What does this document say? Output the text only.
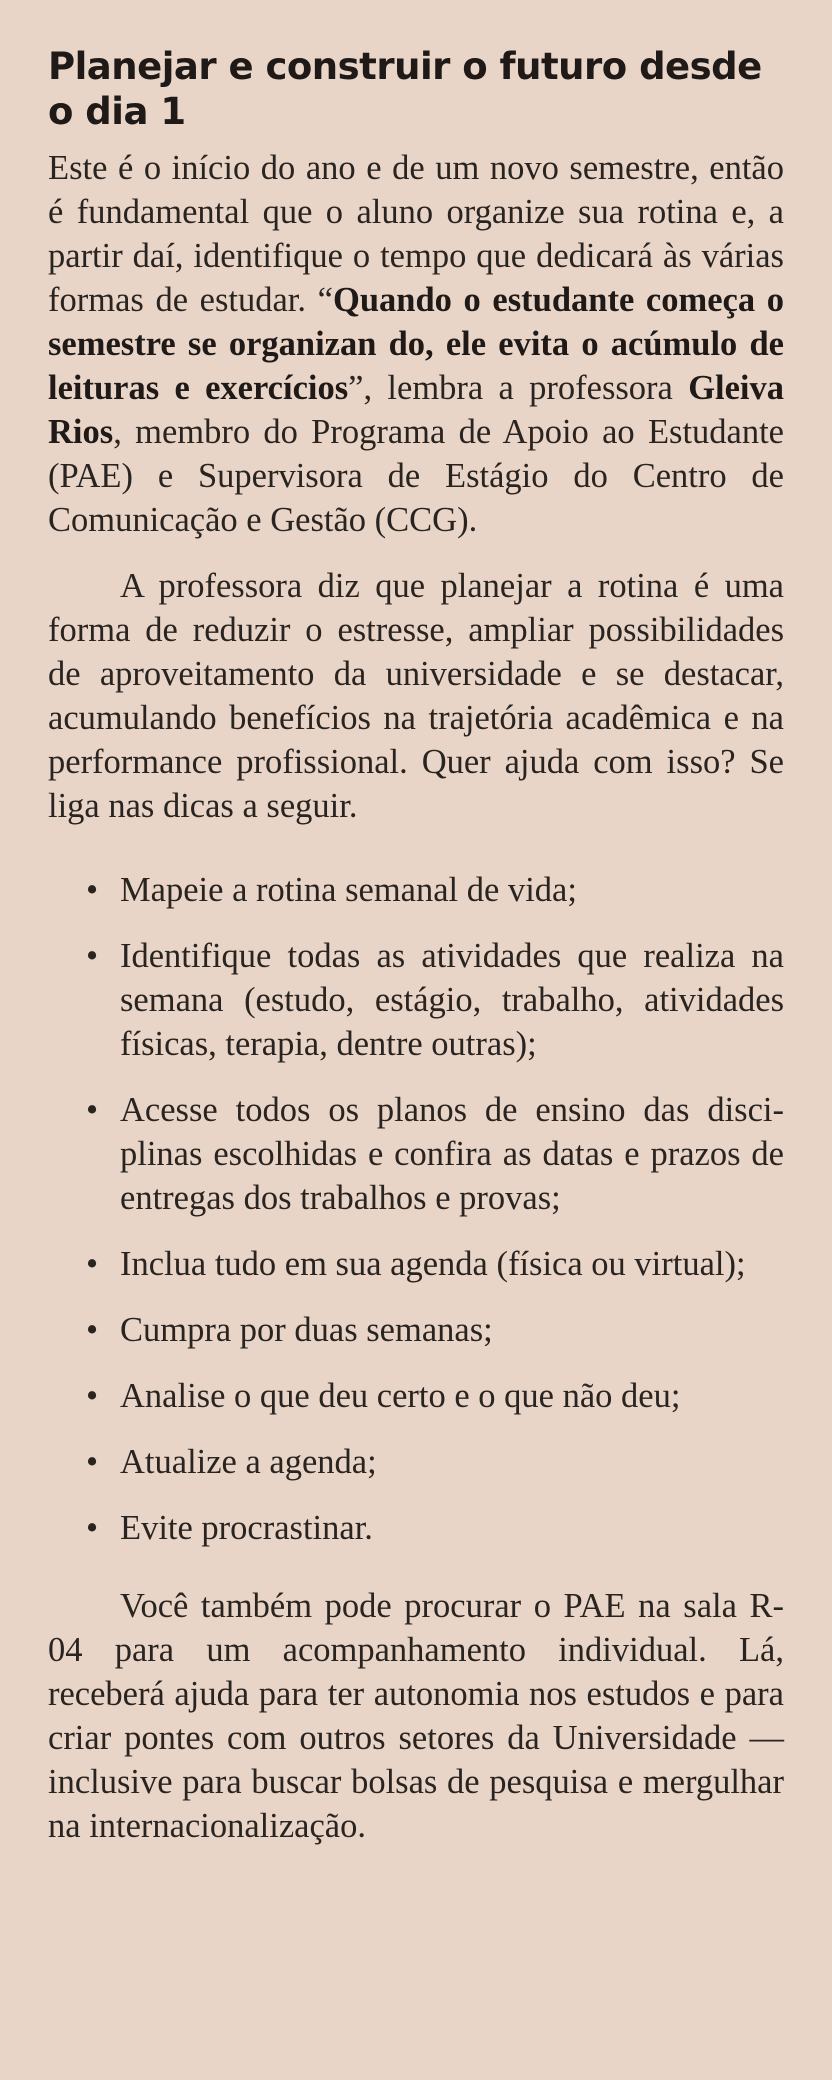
Planejar e construir o futuro desde o dia 1

Este é o início do ano e de um novo semestre, então é fundamental que o aluno organize sua rotina e, a partir daí, identifique o tempo que dedicará às várias formas de estudar. “Quando o estudante começa o semestre se organizan do, ele evita o acúmulo de leituras e exercícios”, lembra a professora Gleiva Rios, membro do Programa de Apoio ao Estudante (PAE) e Supervisora de Estágio do Centro de Comunicação e Gestão (CCG).

A professora diz que planejar a rotina é uma forma de reduzir o estresse, ampliar possibilidades de aproveitamento da universidade e se destacar, acumulando benefícios na trajetória acadêmica e na performance profissional. Quer ajuda com isso? Se liga nas dicas a seguir.

• Mapeie a rotina semanal de vida;

• Identifique todas as atividades que realiza na semana (estudo, estágio, trabalho, atividades físicas, terapia, dentre outras);

• Acesse todos os planos de ensino das disciplinas escolhidas e confira as datas e prazos de entregas dos trabalhos e provas;

• Inclua tudo em sua agenda (física ou virtual);

• Cumpra por duas semanas;

• Analise o que deu certo e o que não deu;

• Atualize a agenda;

• Evite procrastinar.

Você também pode procurar o PAE na sala R-04 para um acompanhamento individual. Lá, receberá ajuda para ter autonomia nos estudos e para criar pontes com outros setores da Universidade — inclusive para buscar bolsas de pesquisa e mergulhar na internacionalização.
